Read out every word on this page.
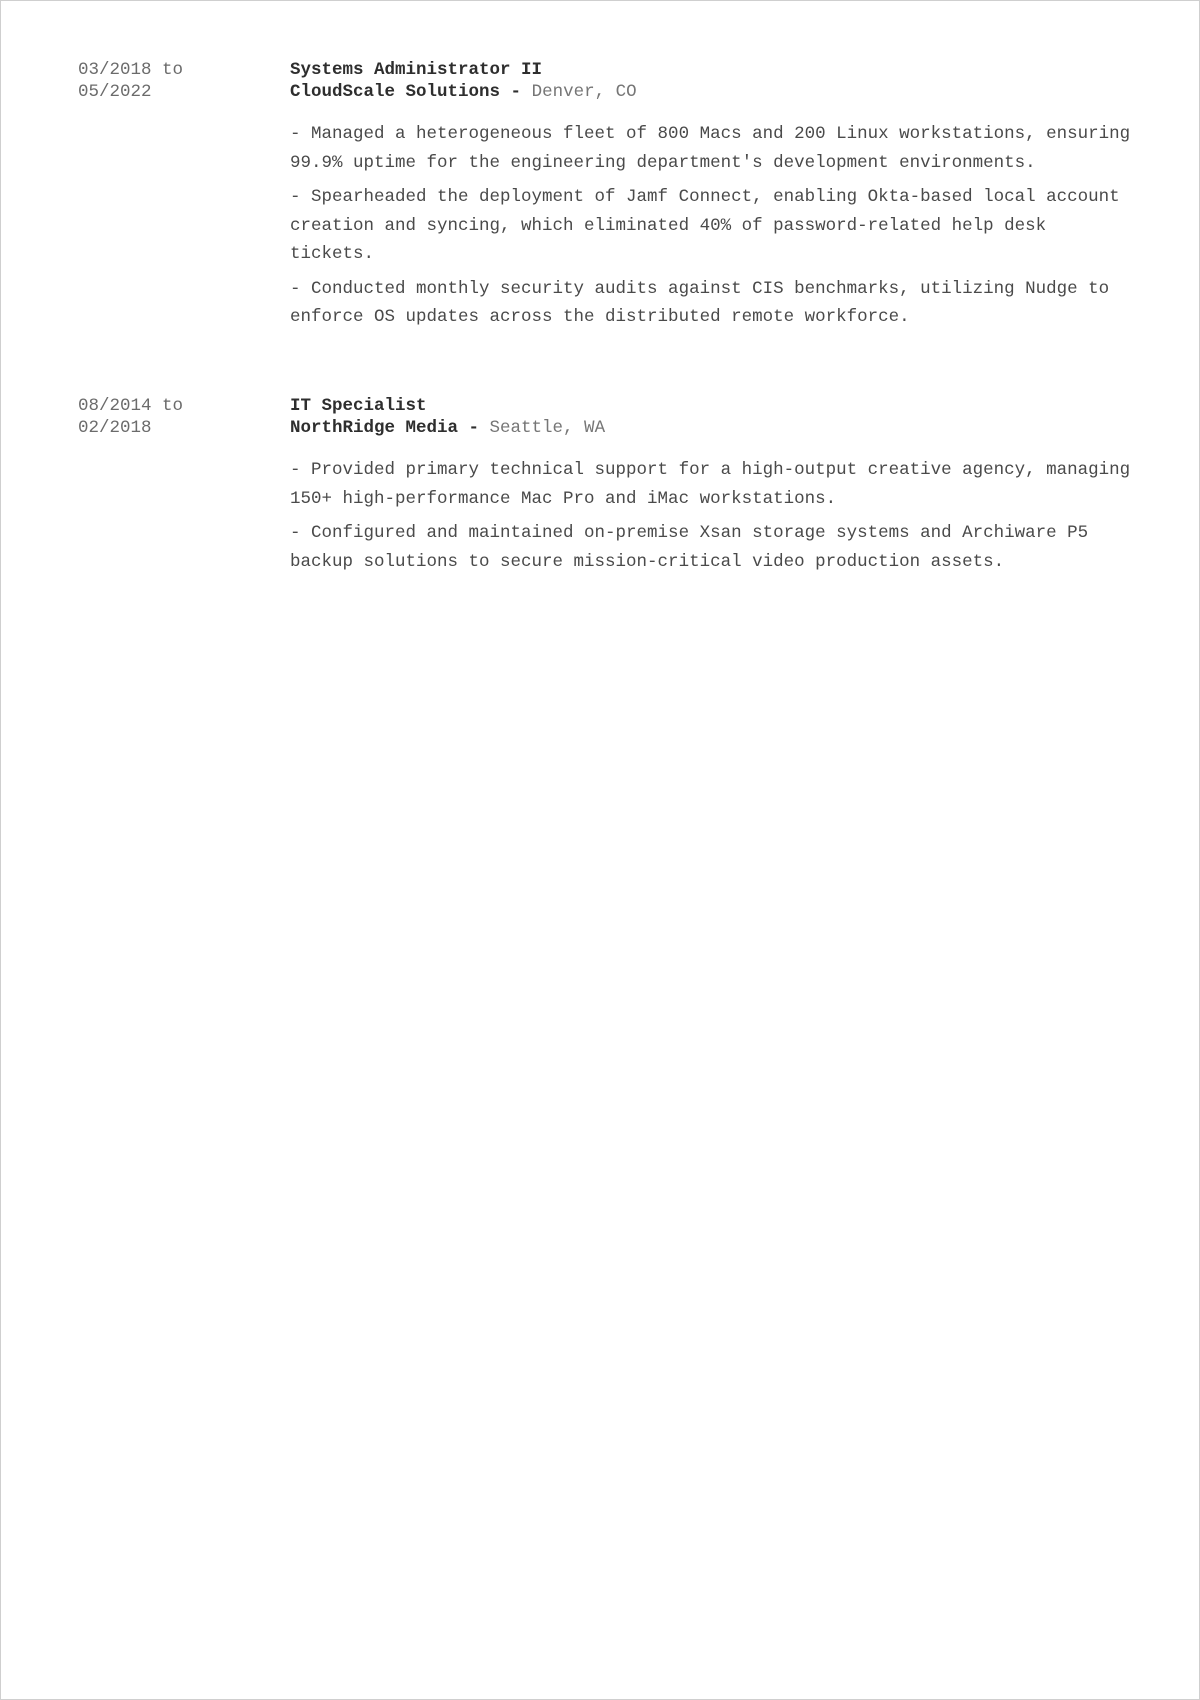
03/2018 to
05/2022
Systems Administrator II
CloudScale Solutions - Denver, CO
- Managed a heterogeneous fleet of 800 Macs and 200 Linux workstations, ensuring 99.9% uptime for the engineering department's development environments.
- Spearheaded the deployment of Jamf Connect, enabling Okta-based local account creation and syncing, which eliminated 40% of password-related help desk tickets.
- Conducted monthly security audits against CIS benchmarks, utilizing Nudge to enforce OS updates across the distributed remote workforce.
08/2014 to
02/2018
IT Specialist
NorthRidge Media - Seattle, WA
- Provided primary technical support for a high-output creative agency, managing 150+ high-performance Mac Pro and iMac workstations.
- Configured and maintained on-premise Xsan storage systems and Archiware P5 backup solutions to secure mission-critical video production assets.
